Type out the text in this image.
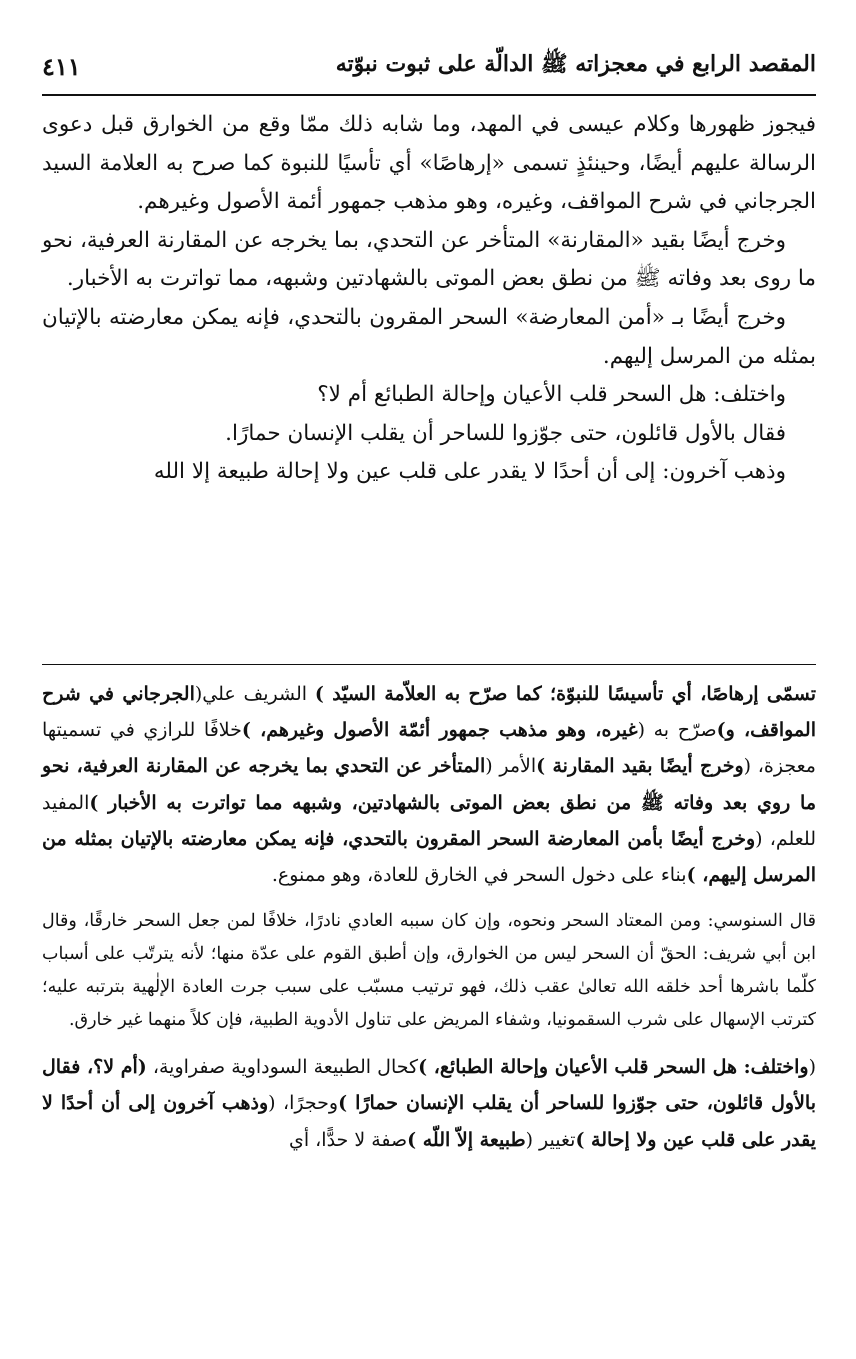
المقصد الرابع في معجزاته ﷺ الدالّة على ثبوت نبوّته
٤١١

فيجوز ظهورها وكلام عيسى في المهد، وما شابه ذلك ممّا وقع من الخوارق قبل دعوى الرسالة عليهم أيضًا، وحينئذٍ تسمى «إرهاصًا» أي تأسيًا للنبوة كما صرح به العلامة السيد الجرجاني في شرح المواقف، وغيره، وهو مذهب جمهور أئمة الأصول وغيرهم.

وخرج أيضًا بقيد «المقارنة» المتأخر عن التحدي، بما يخرجه عن المقارنة العرفية، نحو ما روى بعد وفاته ﷺ من نطق بعض الموتى بالشهادتين وشبهه، مما تواترت به الأخبار.

وخرج أيضًا بـ «أمن المعارضة» السحر المقرون بالتحدي، فإنه يمكن معارضته بالإتيان بمثله من المرسل إليهم.

واختلف: هل السحر قلب الأعيان وإحالة الطبائع أم لا؟

فقال بالأول قائلون، حتى جوّزوا للساحر أن يقلب الإنسان حمارًا.

وذهب آخرون: إلى أن أحدًا لا يقدر على قلب عين ولا إحالة طبيعة إلا الله

تسمّى إرهاصًا، أي تأسيسًا للنبوّة؛ كما صرّح به العلاّمة السيّد ) الشريف علي‌(الجرجاني في شرح المواقف، و)صرّح به (غيره، وهو مذهب جمهور أئمّة الأصول وغيرهم، )خلافًا للرازي في تسميتها معجزة، (وخرج أيضًا بقيد المقارنة )الأمر (المتأخر عن التحدي بما يخرجه عن المقارنة العرفية، نحو ما روي بعد وفاته ﷺ من نطق بعض الموتى بالشهادتين، وشبهه مما تواترت به الأخبار )المفيد للعلم، (وخرج أيضًا بأمن المعارضة السحر المقرون بالتحدي، فإنه يمكن معارضته بالإتيان بمثله من المرسل إليهم، )بناء على دخول السحر في الخارق للعادة، وهو ممنوع.

قال السنوسي: ومن المعتاد السحر ونحوه، وإن كان سببه العادي نادرًا، خلافًا لمن جعل السحر خارقًا، وقال ابن أبي شريف: الحقّ أن السحر ليس من الخوارق، وإن أطبق القوم على عدّة منها؛ لأنه يترتّب على أسباب كلّما باشرها أحد خلقه الله تعالىٰ عقب ذلك، فهو ترتيب مسبّب على سبب جرت العادة الإلٰهية بترتبه عليه؛ كترتب الإسهال على شرب السقمونيا، وشفاء المريض على تناول الأدوية الطبية، فإن كلاً منهما غير خارق.

(واختلف: هل السحر قلب الأعيان وإحالة الطبائع، )كحال الطبيعة السوداوية صفراوية، (أم لا؟، فقال بالأول قائلون، حتى جوّزوا للساحر أن يقلب الإنسان حمارًا )وحجرًا، (وذهب آخرون إلى أن أحدًا لا يقدر على قلب عين ولا إحالة )تغيير (طبيعة إلاّ اللّه )صفة لا حدًّا، أي
